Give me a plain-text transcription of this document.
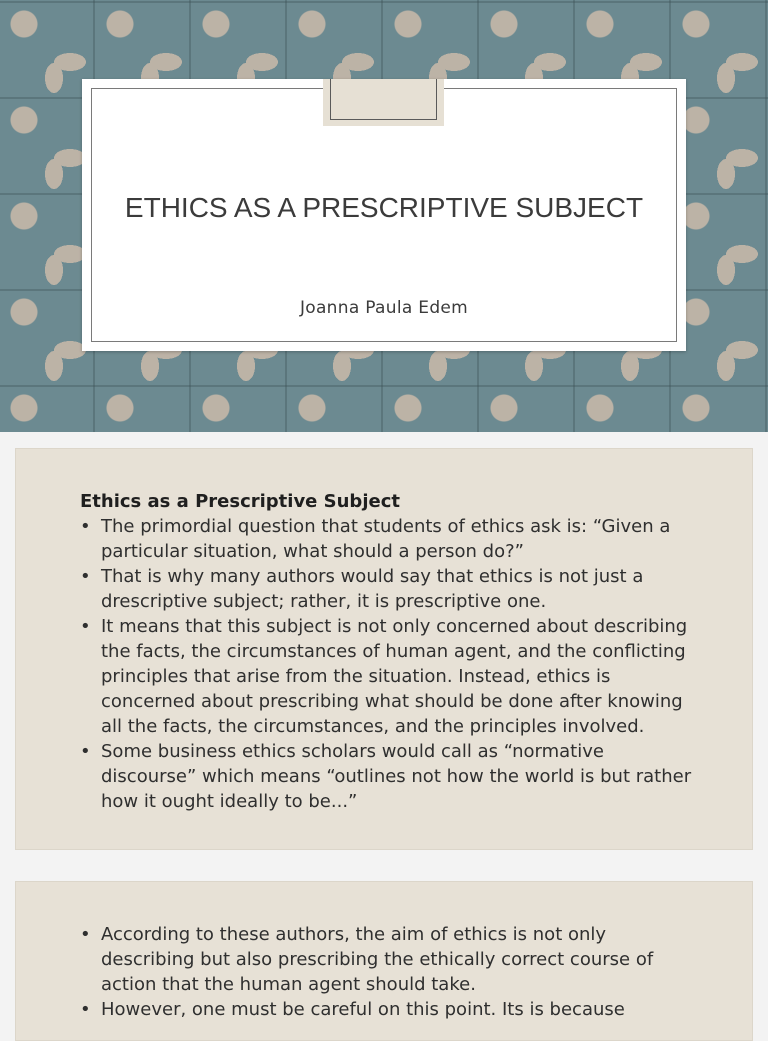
ETHICS AS A PRESCRIPTIVE SUBJECT

Joanna Paula Edem

Ethics as a Prescriptive Subject

• The primordial question that students of ethics ask is: “Given a particular situation, what should a person do?”
• That is why many authors would say that ethics is not just a drescriptive subject; rather, it is prescriptive one.
• It means that this subject is not only concerned about describing the facts, the circumstances of human agent, and the conflicting principles that arise from the situation. Instead, ethics is concerned about prescribing what should be done after knowing all the facts, the circumstances, and the principles involved.
• Some business ethics scholars would call as “normative discourse” which means “outlines not how the world is but rather how it ought ideally to be...”
• According to these authors, the aim of ethics is not only describing but also prescribing the ethically correct course of action that the human agent should take.
• However, one must be careful on this point. Its is because
